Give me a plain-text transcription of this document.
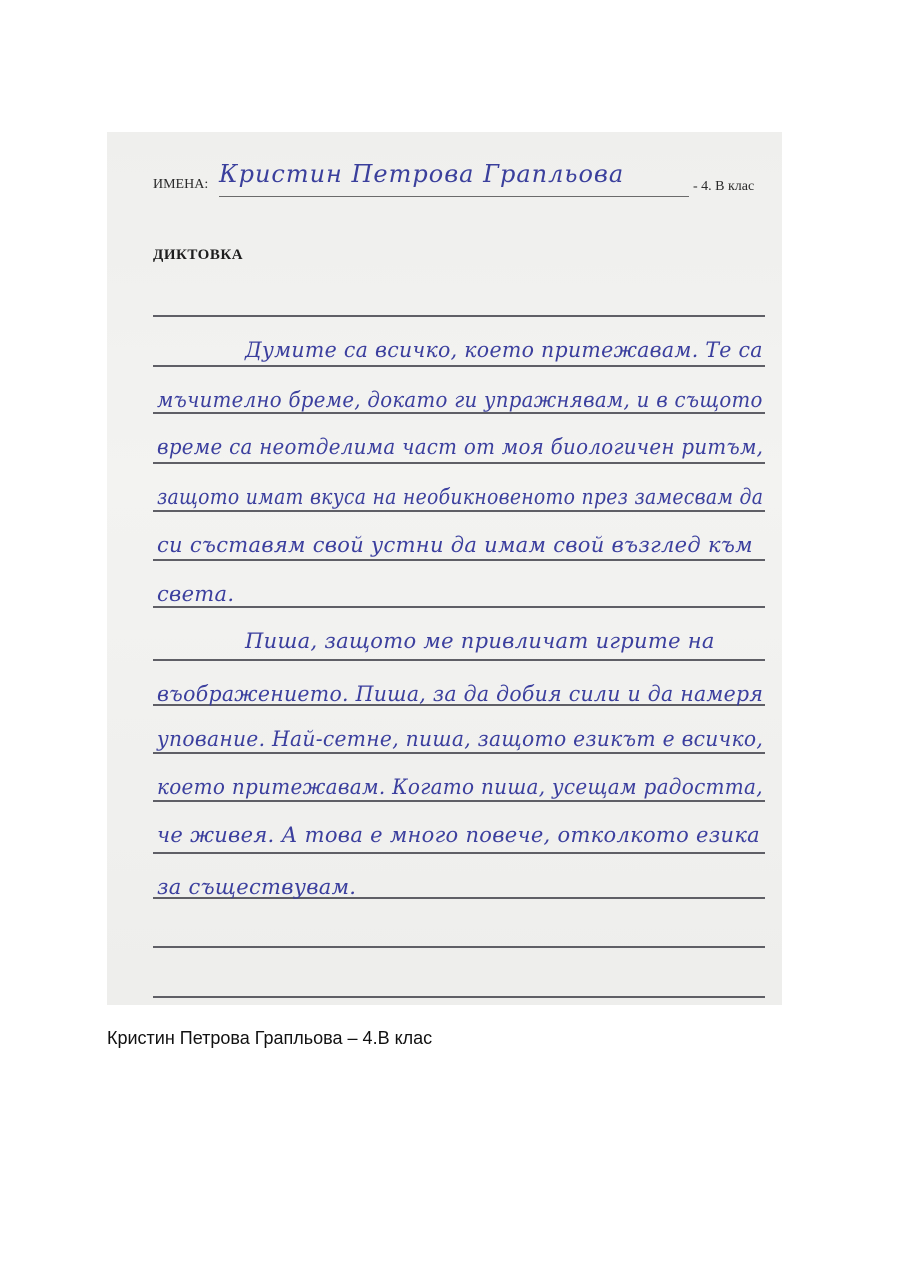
ИМЕНА: Кристин Петрова Грапльова	- 4. В клас
ДИКТОВКА
Думите са всичко, което притежавам. Те са
мъчително бреме, докато ги упражнявам, и в същото
време са неотделима част от моя биологичен ритъм,
защото имат вкуса на необикновеното през замесвам да
си съставям свой устни да имам свой възглед към
света.
Пиша, защото ме привличат игрите на
въображението. Пиша, за да добия сили и да намеря
упование. Най-сетне, пиша, защото езикът е всичко,
което притежавам. Когато пиша, усещам радостта,
че живея. А това е много повече, отколкото езика
за съществувам.
Кристин Петрова Грапльова – 4.В клас
